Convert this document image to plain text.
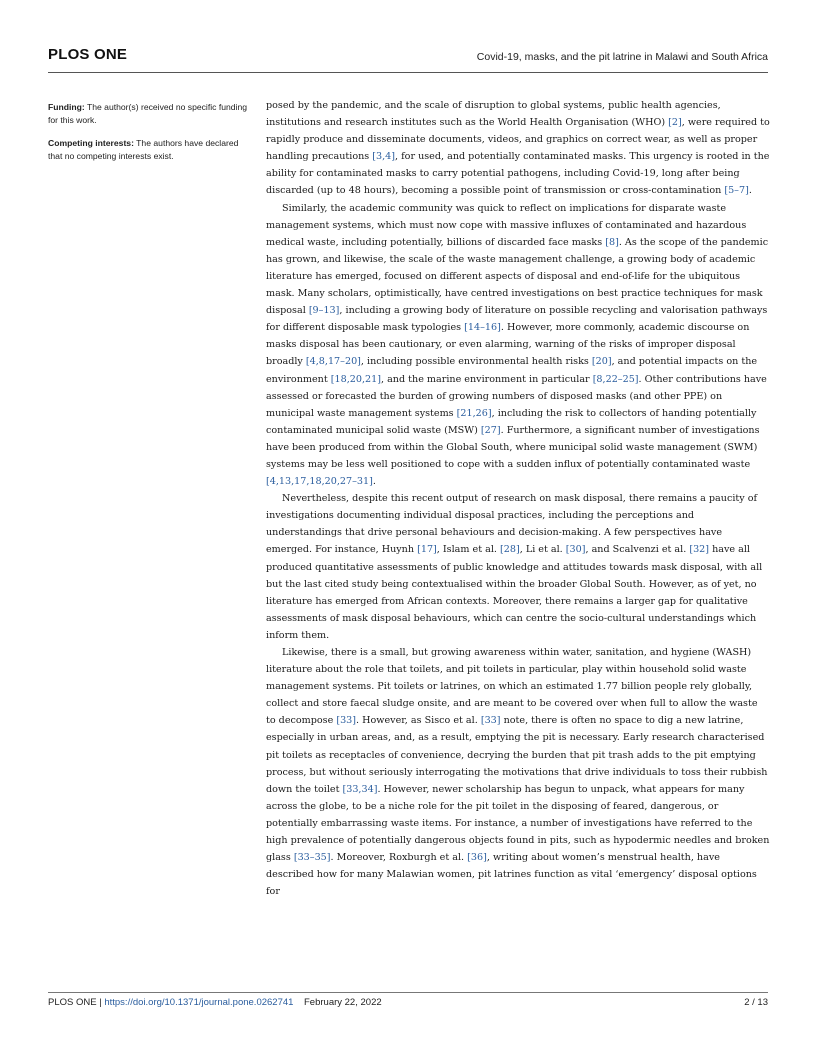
PLOS ONE	Covid-19, masks, and the pit latrine in Malawi and South Africa

Funding: The author(s) received no specific funding for this work.

Competing interests: The authors have declared that no competing interests exist.

posed by the pandemic, and the scale of disruption to global systems, public health agencies, institutions and research institutes such as the World Health Organisation (WHO) [2], were required to rapidly produce and disseminate documents, videos, and graphics on correct wear, as well as proper handling precautions [3,4], for used, and potentially contaminated masks. This urgency is rooted in the ability for contaminated masks to carry potential pathogens, including Covid-19, long after being discarded (up to 48 hours), becoming a possible point of transmission or cross-contamination [5–7].

Similarly, the academic community was quick to reflect on implications for disparate waste management systems, which must now cope with massive influxes of contaminated and hazardous medical waste, including potentially, billions of discarded face masks [8]. As the scope of the pandemic has grown, and likewise, the scale of the waste management challenge, a growing body of academic literature has emerged, focused on different aspects of disposal and end-of-life for the ubiquitous mask. Many scholars, optimistically, have centred investigations on best practice techniques for mask disposal [9–13], including a growing body of literature on possible recycling and valorisation pathways for different disposable mask typologies [14–16]. However, more commonly, academic discourse on masks disposal has been cautionary, or even alarming, warning of the risks of improper disposal broadly [4,8,17–20], including possible environmental health risks [20], and potential impacts on the environment [18,20,21], and the marine environment in particular [8,22–25]. Other contributions have assessed or forecasted the burden of growing numbers of disposed masks (and other PPE) on municipal waste management systems [21,26], including the risk to collectors of handing potentially contaminated municipal solid waste (MSW) [27]. Furthermore, a significant number of investigations have been produced from within the Global South, where municipal solid waste management (SWM) systems may be less well positioned to cope with a sudden influx of potentially contaminated waste [4,13,17,18,20,27–31].

Nevertheless, despite this recent output of research on mask disposal, there remains a paucity of investigations documenting individual disposal practices, including the perceptions and understandings that drive personal behaviours and decision-making. A few perspectives have emerged. For instance, Huynh [17], Islam et al. [28], Li et al. [30], and Scalvenzi et al. [32] have all produced quantitative assessments of public knowledge and attitudes towards mask disposal, with all but the last cited study being contextualised within the broader Global South. However, as of yet, no literature has emerged from African contexts. Moreover, there remains a larger gap for qualitative assessments of mask disposal behaviours, which can centre the socio-cultural understandings which inform them.

Likewise, there is a small, but growing awareness within water, sanitation, and hygiene (WASH) literature about the role that toilets, and pit toilets in particular, play within household solid waste management systems. Pit toilets or latrines, on which an estimated 1.77 billion people rely globally, collect and store faecal sludge onsite, and are meant to be covered over when full to allow the waste to decompose [33]. However, as Sisco et al. [33] note, there is often no space to dig a new latrine, especially in urban areas, and, as a result, emptying the pit is necessary. Early research characterised pit toilets as receptacles of convenience, decrying the burden that pit trash adds to the pit emptying process, but without seriously interrogating the motivations that drive individuals to toss their rubbish down the toilet [33,34]. However, newer scholarship has begun to unpack, what appears for many across the globe, to be a niche role for the pit toilet in the disposing of feared, dangerous, or potentially embarrassing waste items. For instance, a number of investigations have referred to the high prevalence of potentially dangerous objects found in pits, such as hypodermic needles and broken glass [33–35]. Moreover, Roxburgh et al. [36], writing about women’s menstrual health, have described how for many Malawian women, pit latrines function as vital ‘emergency’ disposal options for

PLOS ONE | https://doi.org/10.1371/journal.pone.0262741 February 22, 2022	2 / 13
